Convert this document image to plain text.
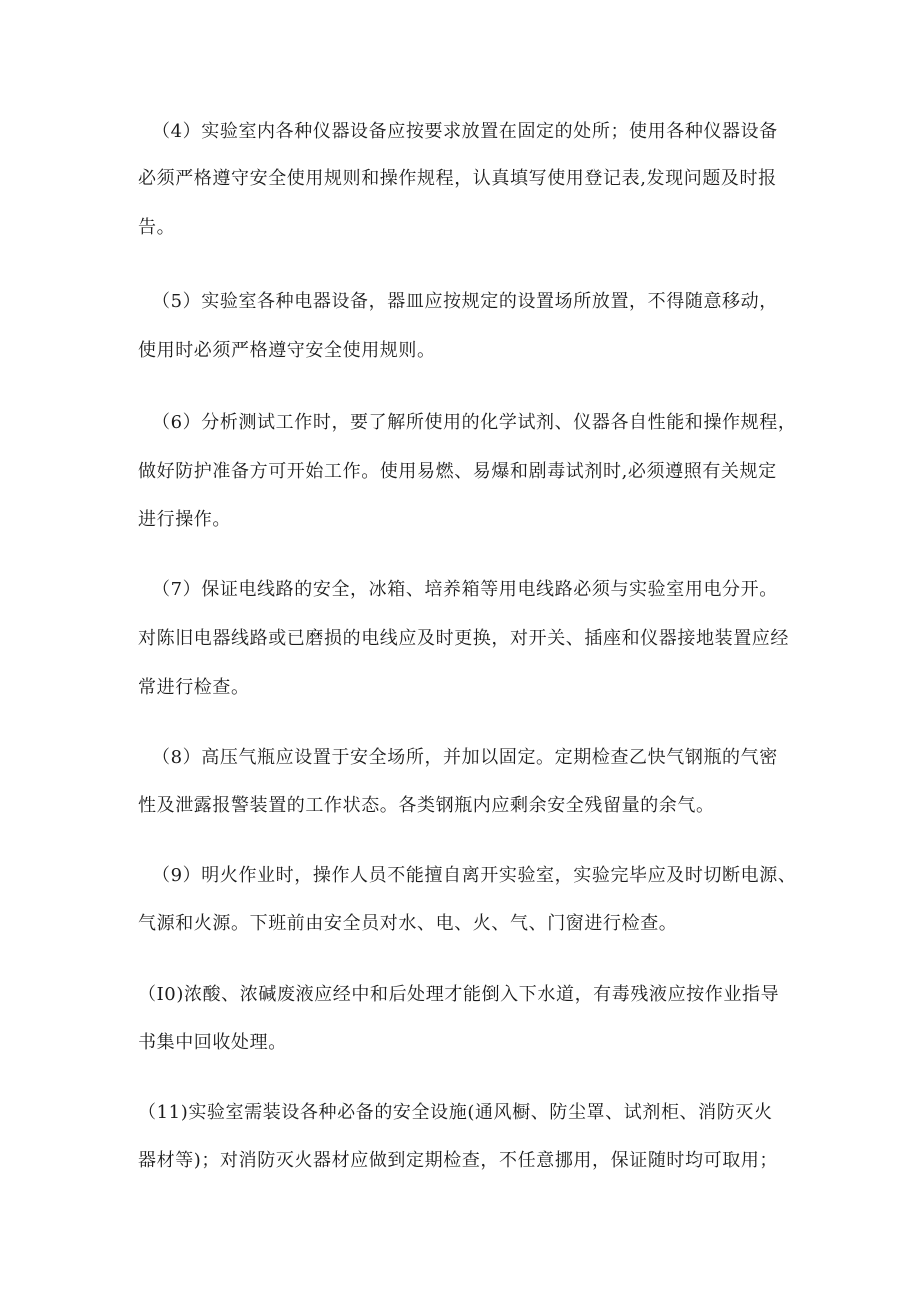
（4）实验室内各种仪器设备应按要求放置在固定的处所；使用各种仪器设备
必须严格遵守安全使用规则和操作规程，认真填写使用登记表,发现问题及时报
告。
（5）实验室各种电器设备，器皿应按规定的设置场所放置，不得随意移动，
使用时必须严格遵守安全使用规则。
（6）分析测试工作时，要了解所使用的化学试剂、仪器各自性能和操作规程，
做好防护准备方可开始工作。使用易燃、易爆和剧毒试剂时,必须遵照有关规定
进行操作。
（7）保证电线路的安全，冰箱、培养箱等用电线路必须与实验室用电分开。
对陈旧电器线路或已磨损的电线应及时更换，对开关、插座和仪器接地装置应经
常进行检查。
（8）高压气瓶应设置于安全场所，并加以固定。定期检查乙快气钢瓶的气密
性及泄露报警装置的工作状态。各类钢瓶内应剩余安全残留量的余气。
（9）明火作业时，操作人员不能擅自离开实验室，实验完毕应及时切断电源、
气源和火源。下班前由安全员对水、电、火、气、门窗进行检查。
（I0)浓酸、浓碱废液应经中和后处理才能倒入下水道，有毒残液应按作业指导
书集中回收处理。
（11)实验室需装设各种必备的安全设施(通风橱、防尘罩、试剂柜、消防灭火
器材等)；对消防灭火器材应做到定期检查，不任意挪用，保证随时均可取用；
